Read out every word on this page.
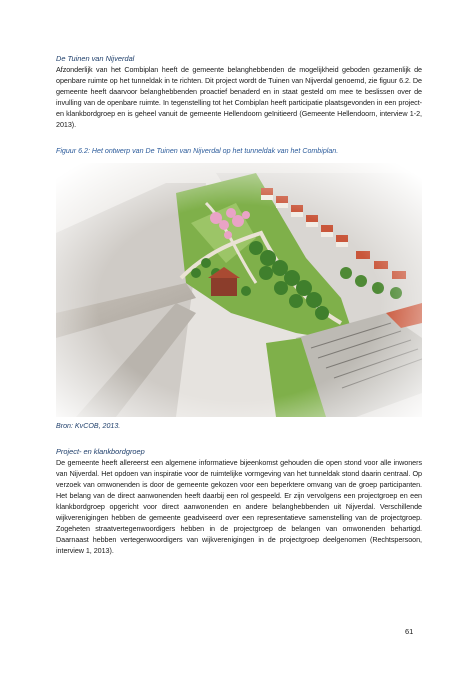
De Tuinen van Nijverdal

Afzonderlijk van het Combiplan heeft de gemeente belanghebbenden de mogelijkheid geboden gezamenlijk de openbare ruimte op het tunneldak in te richten. Dit project wordt de Tuinen van Nijverdal genoemd, zie figuur 6.2. De gemeente heeft daarvoor belanghebbenden proactief benaderd en in staat gesteld om mee te beslissen over de invulling van de openbare ruimte. In tegenstelling tot het Combiplan heeft participatie plaatsgevonden in een project- en klankbordgroep en is geheel vanuit de gemeente Hellendoorn geïnitieerd (Gemeente Hellendoorn, interview 1-2, 2013).

Figuur 6.2: Het ontwerp van De Tuinen van Nijverdal op het tunneldak van het Combiplan.

Bron: KvCOB, 2013.

Project- en klankbordgroep

De gemeente heeft allereerst een algemene informatieve bijeenkomst gehouden die open stond voor alle inwoners van Nijverdal. Het opdoen van inspiratie voor de ruimtelijke vormgeving van het tunneldak stond daarin centraal. Op verzoek van omwonenden is door de gemeente gekozen voor een beperktere omvang van de groep participanten. Het belang van de direct aanwonenden heeft daarbij een rol gespeeld. Er zijn vervolgens een projectgroep en een klankbordgroep opgericht voor direct aanwonenden en andere belanghebbenden uit Nijverdal. Verschillende wijkverenigingen hebben de gemeente geadviseerd over een representatieve samenstelling van de projectgroep. Zogeheten straatvertegenwoordigers hebben in de projectgroep de belangen van omwonenden behartigd. Daarnaast hebben vertegenwoordigers van wijkverenigingen in de projectgroep deelgenomen (Rechtspersoon, interview 1, 2013).

61
